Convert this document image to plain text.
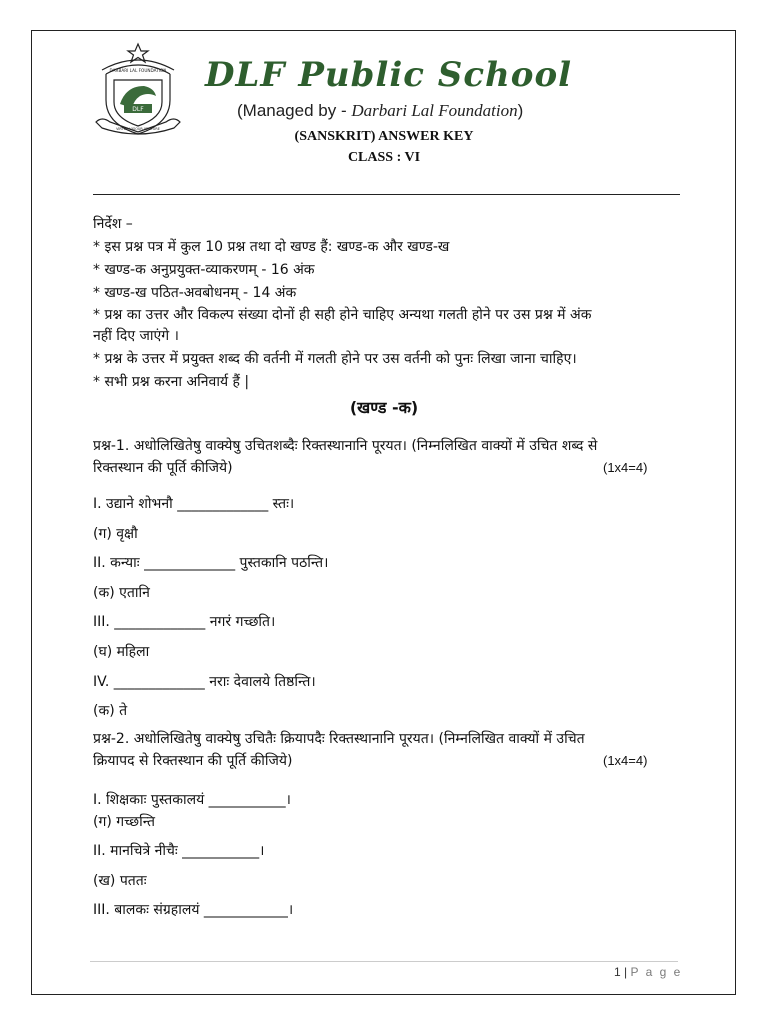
DLF
DARBARI LAL FOUNDATION
VIRTUE VIGOUR VENTURE
DLF Public School
(Managed by - Darbari Lal Foundation)
(SANSKRIT) ANSWER KEY
CLASS : VI
निर्देश –
* इस प्रश्न पत्र में कुल 10 प्रश्न तथा दो खण्ड हैं: खण्ड-क और खण्ड-ख
* खण्ड-क अनुप्रयुक्त-व्याकरणम् - 16 अंक
* खण्ड-ख पठित-अवबोधनम् - 14 अंक
* प्रश्न का उत्तर और विकल्प संख्या दोनों ही सही होने चाहिए अन्यथा गलती होने पर उस प्रश्न में अंक
नहीं दिए जाएंगे ।
* प्रश्न के उत्तर में प्रयुक्त शब्द की वर्तनी में गलती होने पर उस वर्तनी को पुनः लिखा जाना चाहिए।
* सभी प्रश्न करना अनिवार्य हैं |
(खण्ड -क)
प्रश्न-1. अधोलिखितेषु वाक्येषु उचितशब्दैः रिक्तस्थानानि पूरयत। (निम्नलिखित वाक्यों में उचित शब्द से
रिक्तस्थान की पूर्ति कीजिये)	(1x4=4)
I. उद्याने शोभनौ _____________ स्तः।
(ग) वृक्षौ
II. कन्याः _____________ पुस्तकानि पठन्ति।
(क) एतानि
III. _____________ नगरं गच्छति।
(घ) महिला
IV. _____________ नराः देवालये तिष्ठन्ति।
(क) ते
प्रश्न-2. अधोलिखितेषु वाक्येषु उचितैः क्रियापदैः रिक्तस्थानानि पूरयत। (निम्नलिखित वाक्यों में उचित
क्रियापद से रिक्तस्थान की पूर्ति कीजिये)	(1x4=4)
I. शिक्षकाः पुस्तकालयं ___________।
(ग) गच्छन्ति
II. मानचित्रे नीचैः ___________।
(ख) पततः
III. बालकः संग्रहालयं ____________।
1 | P a g e
